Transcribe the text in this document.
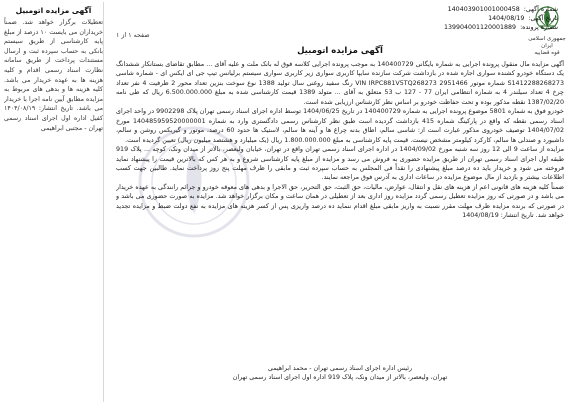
آگهی مزایده اتومبیل
تعطیلات برگزار خواهد شد. ضمناً خریداران می بایست ۱۰ درصد از مبلغ پایه کارشناسی از طریق سیستم بانکی به حساب سپرده ثبت و ارسال مستندات پرداخت از طریق سامانه نظارت اسناد رسمی اقدام و کلیه هزینه ها به عهده خریدار می باشد. کلیه هزینه ها و بدهی های مربوط به مزایده مطابق آیین نامه اجرا با خریدار می باشد. تاریخ انتشار: ۱۴۰۴/۰۸/۱۹ کفیل اداره اول اجرای اسناد رسمی تهران - مجتبی ابراهیمی
جمهوری اسلامی ایران
قوه قضاییه
شماره آگهی:
140403901001000458
تاریخ آگهی:
1404/08/19
شماره پرونده:
139904001120001889
صفحه ۱ از ۱
آگهی مزایده اتومبیل

آگهی مزایده مال منقول پرونده اجرایی به شماره بایگانی 140400729 به موجب پرونده اجرایی کلاسه فوق له بانک ملت و علیه آقای ... مطابق تقاضای بستانکار ششدانگ یک دستگاه خودرو کشنده سواری اجاره شده در بازداشت شرکت سازنده سایپا کاربری سواری زیر کاربری سواری سیستم برلیانس تیپ جی ای ایکس ای - شماره شاسی S1412288268273 شماره موتور 2951466 VIN IRPC881V5TQ268273 رنگ سفید روغنی سال تولید 1388 نوع سوخت بنزین تعداد محور 2 ظرفیت 4 نفر تعداد چرخ 4 تعداد سیلندر 4 به شماره انتظامی ایران 77 - 127 ب 53 متعلق به آقای ... متولد 1389 قیمت کارشناسی شده به مبلغ 6.500.000.000 ریال که طی نامه 1387/02/20 نقطه مذکور بوده و تحت حفاظت خودرو بر اساس نظر کارشناس ارزیابی شده است.

خودرو فوق به شماره 5801 موضوع پرونده اجرایی به شماره 140400729 در تاریخ 1404/06/25 توسط اداره اجرای اسناد رسمی تهران پلاک 9902298 در واحد اجرای اسناد رسمی نقطه که واقع در پارکینگ شماره 415 بازداشت گردیده است طبق نظر کارشناس رسمی دادگستری وارد به شماره 140485959520000001 مورخ 1404/07/02 توصیف خودروی مذکور عبارت است از: شاسی سالم، اطاق بدنه چراغ ها و آینه ها سالم، لاستیک ها حدود 60 درصد، موتور و گیربکس روشن و سالم، داشبورد و صندلی ها سالم، کارکرد کیلومتر مشخص نیست. قیمت پایه کارشناسی به مبلغ 1.800.000.000 ریال (یک میلیارد و هشتصد میلیون ریال) تعیین گردیده است.

مزایده از ساعت 9 الی 12 روز سه شنبه مورخ 1404/09/02 در اداره اجرای اسناد رسمی تهران واقع در تهران، خیابان ولیعصر، بالاتر از میدان ونک، کوچه ... پلاک 919 طبقه اول اجرای اسناد رسمی تهران از طریق مزایده حضوری به فروش می رسد و مزایده از مبلغ پایه کارشناسی شروع و به هر کس که بالاترین قیمت را پیشنهاد نماید فروخته می شود و خریدار باید ده درصد مبلغ پیشنهادی را نقداً فی المجلس به حساب سپرده ثبت و مابقی را ظرف مهلت پنج روز پرداخت نماید. طالبین جهت کسب اطلاعات بیشتر و بازدید از مال موضوع مزایده در ساعات اداری به آدرس فوق مراجعه نمایند.

ضمناً کلیه هزینه های قانونی اعم از هزینه های نقل و انتقال، عوارض، مالیات، حق الثبت، حق التحریر، حق الاجرا و بدهی های معوقه خودرو و جرائم رانندگی به عهده خریدار می باشد و در صورتی که روز مزایده تعطیل رسمی گردد مزایده روز اداری بعد از تعطیلی در همان ساعت و مکان برگزار خواهد شد. مزایده به صورت حضوری می باشد و در صورتی که برنده مزایده ظرف مهلت مقرر نسبت به واریز مابقی مبلغ اقدام ننماید ده درصد واریزی پس از کسر هزینه های مزایده به نفع دولت ضبط و مزایده تجدید خواهد شد. تاریخ انتشار: 1404/08/19

رئیس اداره اجرای اسناد رسمی تهران - محمد ابراهیمی
تهران، ولیعصر، بالاتر از میدان ونک، پلاک 919 اداره اول اجرای اسناد رسمی تهران
